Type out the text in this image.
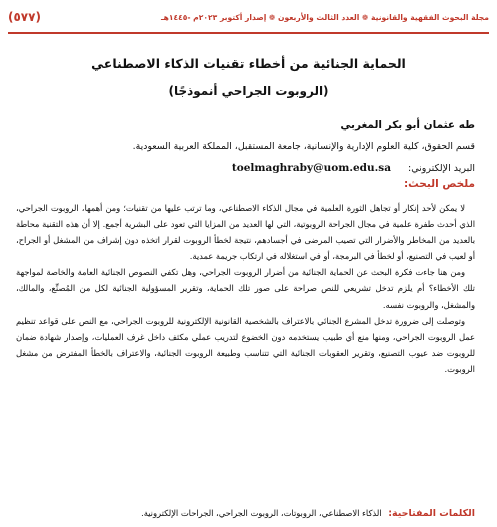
(٥٧٧)	مجلة البحوث الفقهية والقانونية ❁ العدد الثالث والأربعون ❁ إصدار أكتوبر ٢٠٢٣م -١٤٤٥هـ
الحماية الجنائية من أخطاء تقنيات الذكاء الاصطناعي
(الروبوت الجراحي أنموذجًا)
طه عثمان أبو بكر المغربي
قسم الحقوق، كلية العلوم الإدارية والإنسانية، جامعة المستقبل، المملكة العربية السعودية.
البريد الإلكتروني: toelmaghraby@uom.edu.sa
ملخص البحث:

لا يمكن لأحد إنكار أو تجاهل الثورة العلمية في مجال الذكاء الاصطناعي، وما ترتب عليها من تقنيات؛ ومن أهمها، الروبوت الجراحي، الذي أحدث طفرة علمية في مجال الجراحة الروبوتية، التي لها العديد من المزايا التي تعود على البشرية أجمع. إلا أن هذه التقنية محاطة بالعديد من المخاطر والأضرار التي تصيب المرضى في أجسادهم، نتيجة لخطأ الروبوت لقرار اتخذه دون إشراف من المشغل أو الجراح، أو لعيب في التصنيع، أو لخطأ في البرمجة، أو في استغلاله في ارتكاب جريمة عمدية.

ومن هنا جاءت فكرة البحث عن الحماية الجنائية من أضرار الروبوت الجراحي، وهل تكفي النصوص الجنائية العامة والخاصة لمواجهة تلك الأخطاء؟ أم يلزم تدخل تشريعي للنص صراحة على صور تلك الحماية، وتقرير المسؤولية الجنائية لكل من المُصنِّع، والمالك، والمشغل، والروبوت نفسه.

وتوصلت إلى ضرورة تدخل المشرع الجنائي بالاعتراف بالشخصية القانونية الإلكترونية للروبوت الجراحي، مع النص على قواعد تنظيم عمل الروبوت الجراحي، ومنها منع أي طبيب يستخدمه دون الخضوع لتدريب عملي مكثف داخل غرف العمليات، وإصدار شهادة ضمان للروبوت ضد عيوب التصنيع، وتقرير العقوبات الجنائية التي تتناسب وطبيعة الروبوت الجنائية، والاعتراف بالخطأ المفترض من مشغل الروبوت.

الكلمات المفتاحية: الذكاء الاصطناعي، الروبوتات، الروبوت الجراحي، الجراحات الإلكترونية.
